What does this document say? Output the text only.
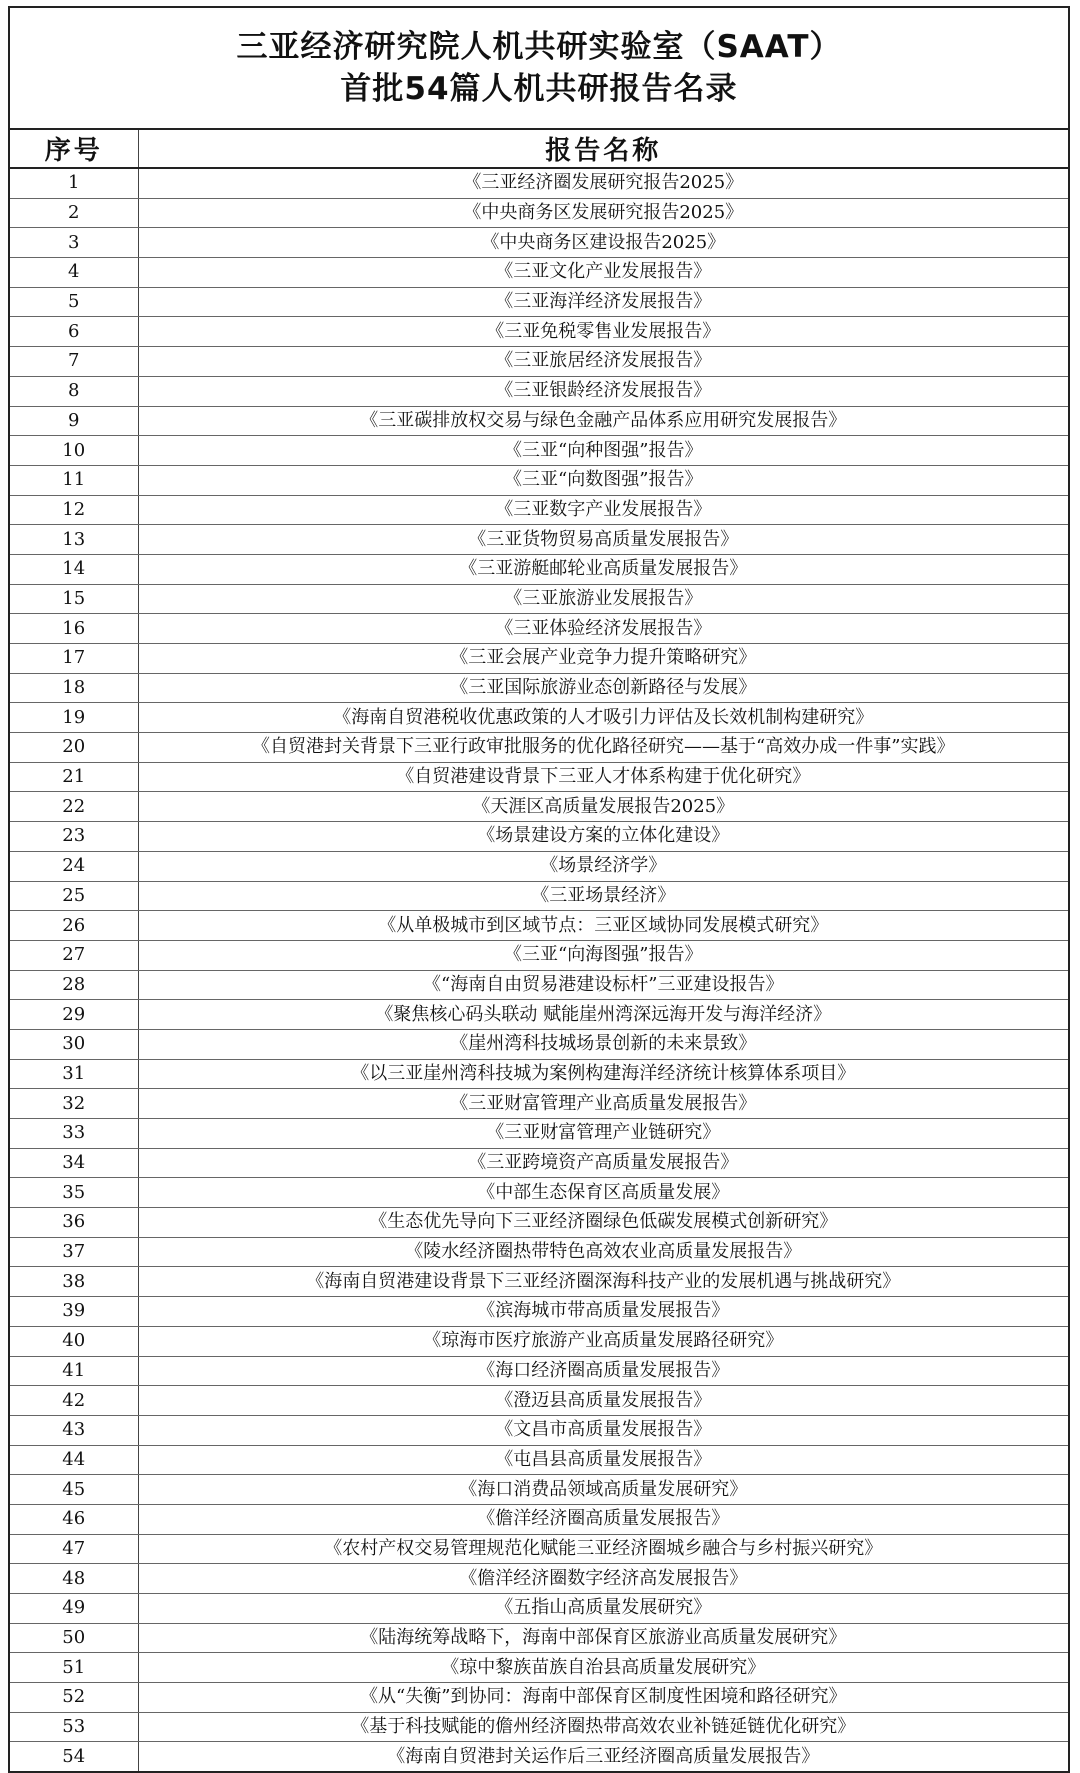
三亚经济研究院人机共研实验室（SAAT）
首批54篇人机共研报告名录
序号	报告名称
1	《三亚经济圈发展研究报告2025》
2	《中央商务区发展研究报告2025》
3	《中央商务区建设报告2025》
4	《三亚文化产业发展报告》
5	《三亚海洋经济发展报告》
6	《三亚免税零售业发展报告》
7	《三亚旅居经济发展报告》
8	《三亚银龄经济发展报告》
9	《三亚碳排放权交易与绿色金融产品体系应用研究发展报告》
10	《三亚“向种图强”报告》
11	《三亚“向数图强”报告》
12	《三亚数字产业发展报告》
13	《三亚货物贸易高质量发展报告》
14	《三亚游艇邮轮业高质量发展报告》
15	《三亚旅游业发展报告》
16	《三亚体验经济发展报告》
17	《三亚会展产业竞争力提升策略研究》
18	《三亚国际旅游业态创新路径与发展》
19	《海南自贸港税收优惠政策的人才吸引力评估及长效机制构建研究》
20	《自贸港封关背景下三亚行政审批服务的优化路径研究——基于“高效办成一件事”实践》
21	《自贸港建设背景下三亚人才体系构建于优化研究》
22	《天涯区高质量发展报告2025》
23	《场景建设方案的立体化建设》
24	《场景经济学》
25	《三亚场景经济》
26	《从单极城市到区域节点：三亚区域协同发展模式研究》
27	《三亚“向海图强”报告》
28	《“海南自由贸易港建设标杆”三亚建设报告》
29	《聚焦核心码头联动 赋能崖州湾深远海开发与海洋经济》
30	《崖州湾科技城场景创新的未来景致》
31	《以三亚崖州湾科技城为案例构建海洋经济统计核算体系项目》
32	《三亚财富管理产业高质量发展报告》
33	《三亚财富管理产业链研究》
34	《三亚跨境资产高质量发展报告》
35	《中部生态保育区高质量发展》
36	《生态优先导向下三亚经济圈绿色低碳发展模式创新研究》
37	《陵水经济圈热带特色高效农业高质量发展报告》
38	《海南自贸港建设背景下三亚经济圈深海科技产业的发展机遇与挑战研究》
39	《滨海城市带高质量发展报告》
40	《琼海市医疗旅游产业高质量发展路径研究》
41	《海口经济圈高质量发展报告》
42	《澄迈县高质量发展报告》
43	《文昌市高质量发展报告》
44	《屯昌县高质量发展报告》
45	《海口消费品领域高质量发展研究》
46	《儋洋经济圈高质量发展报告》
47	《农村产权交易管理规范化赋能三亚经济圈城乡融合与乡村振兴研究》
48	《儋洋经济圈数字经济高发展报告》
49	《五指山高质量发展研究》
50	《陆海统筹战略下，海南中部保育区旅游业高质量发展研究》
51	《琼中黎族苗族自治县高质量发展研究》
52	《从“失衡”到协同：海南中部保育区制度性困境和路径研究》
53	《基于科技赋能的儋州经济圈热带高效农业补链延链优化研究》
54	《海南自贸港封关运作后三亚经济圈高质量发展报告》
